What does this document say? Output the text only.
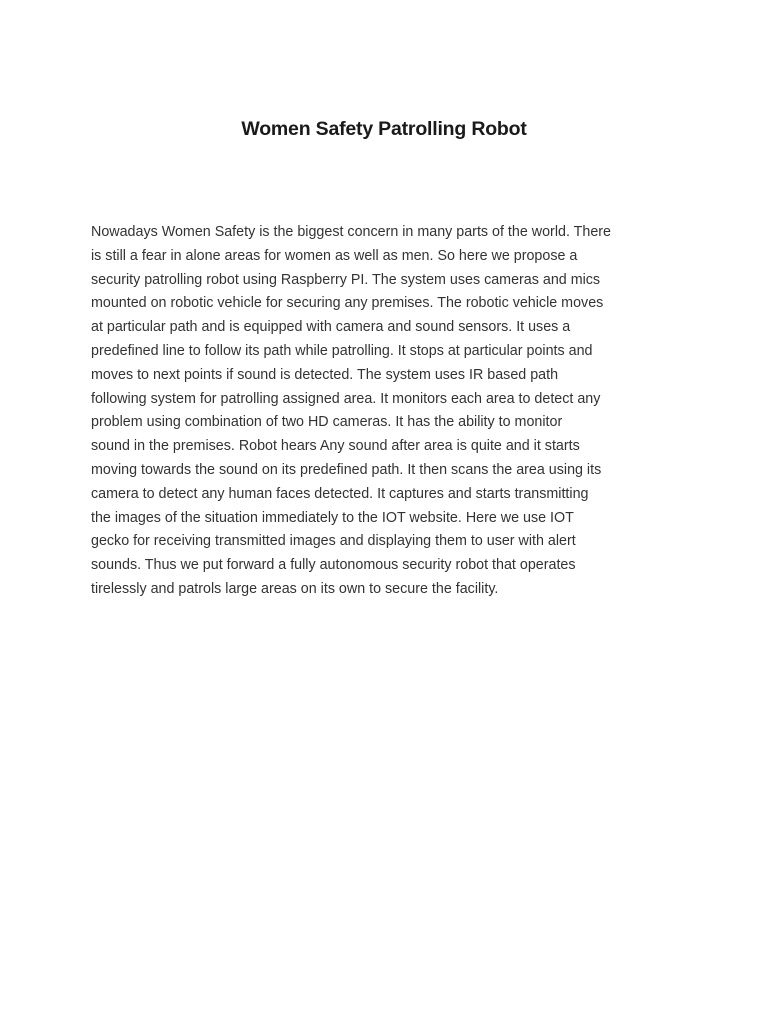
Women Safety Patrolling Robot

Nowadays Women Safety is the biggest concern in many parts of the world. There
is still a fear in alone areas for women as well as men. So here we propose a
security patrolling robot using Raspberry PI. The system uses cameras and mics
mounted on robotic vehicle for securing any premises. The robotic vehicle moves
at particular path and is equipped with camera and sound sensors. It uses a
predefined line to follow its path while patrolling. It stops at particular points and
moves to next points if sound is detected. The system uses IR based path
following system for patrolling assigned area. It monitors each area to detect any
problem using combination of two HD cameras. It has the ability to monitor
sound in the premises. Robot hears Any sound after area is quite and it starts
moving towards the sound on its predefined path. It then scans the area using its
camera to detect any human faces detected. It captures and starts transmitting
the images of the situation immediately to the IOT website. Here we use IOT
gecko for receiving transmitted images and displaying them to user with alert
sounds. Thus we put forward a fully autonomous security robot that operates
tirelessly and patrols large areas on its own to secure the facility.
